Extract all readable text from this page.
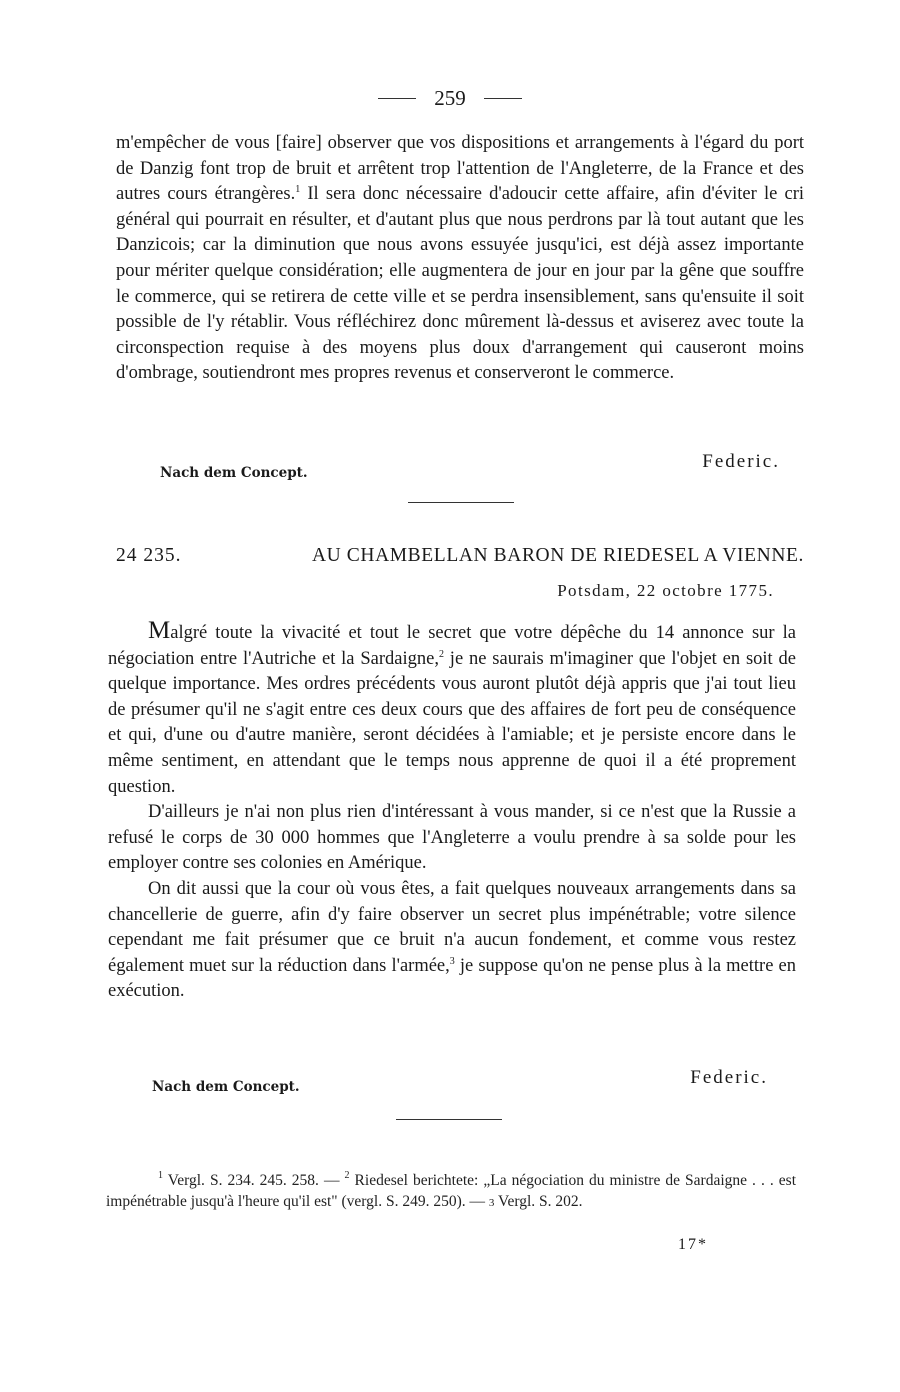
259

m'empêcher de vous [faire] observer que vos dispositions et arrangements à l'égard du port de Danzig font trop de bruit et arrêtent trop l'attention de l'Angleterre, de la France et des autres cours étrangères.$^1$ Il sera donc nécessaire d'adoucir cette affaire, afin d'éviter le cri général qui pourrait en résulter, et d'autant plus que nous perdrons par là tout autant que les Danzicois; car la diminution que nous avons essuyée jusqu'ici, est déjà assez importante pour mériter quelque considération; elle augmentera de jour en jour par la gêne que souffre le commerce, qui se retirera de cette ville et se perdra insensiblement, sans qu'ensuite il soit possible de l'y rétablir. Vous réfléchirez donc mûrement là-dessus et aviserez avec toute la circonspection requise à des moyens plus doux d'arrangement qui causeront moins d'ombrage, soutiendront mes propres revenus et conserveront le commerce.

Nach dem Concept.
Federic.
24 235.	AU CHAMBELLAN BARON DE RIEDESEL A VIENNE.
Potsdam, 22 octobre 1775.

Malgré toute la vivacité et tout le secret que votre dépêche du 14 annonce sur la négociation entre l'Autriche et la Sardaigne,$^2$ je ne saurais m'imaginer que l'objet en soit de quelque importance. Mes ordres précédents vous auront plutôt déjà appris que j'ai tout lieu de présumer qu'il ne s'agit entre ces deux cours que des affaires de fort peu de conséquence et qui, d'une ou d'autre manière, seront décidées à l'amiable; et je persiste encore dans le même sentiment, en attendant que le temps nous apprenne de quoi il a été proprement question.

D'ailleurs je n'ai non plus rien d'intéressant à vous mander, si ce n'est que la Russie a refusé le corps de 30 000 hommes que l'Angleterre a voulu prendre à sa solde pour les employer contre ses colonies en Amérique.

On dit aussi que la cour où vous êtes, a fait quelques nouveaux arrangements dans sa chancellerie de guerre, afin d'y faire observer un secret plus impénétrable; votre silence cependant me fait présumer que ce bruit n'a aucun fondement, et comme vous restez également muet sur la réduction dans l'armée,$^3$ je suppose qu'on ne pense plus à la mettre en exécution.

Nach dem Concept.	Federic.

$^1$ Vergl. S. 234. 245. 258. — $^2$ Riedesel berichtete: „La négociation du ministre de Sardaigne . . . est impénétrable jusqu'à l'heure qu'il est" (vergl. S. 249. 250). — 3 Vergl. S. 202.

17*
